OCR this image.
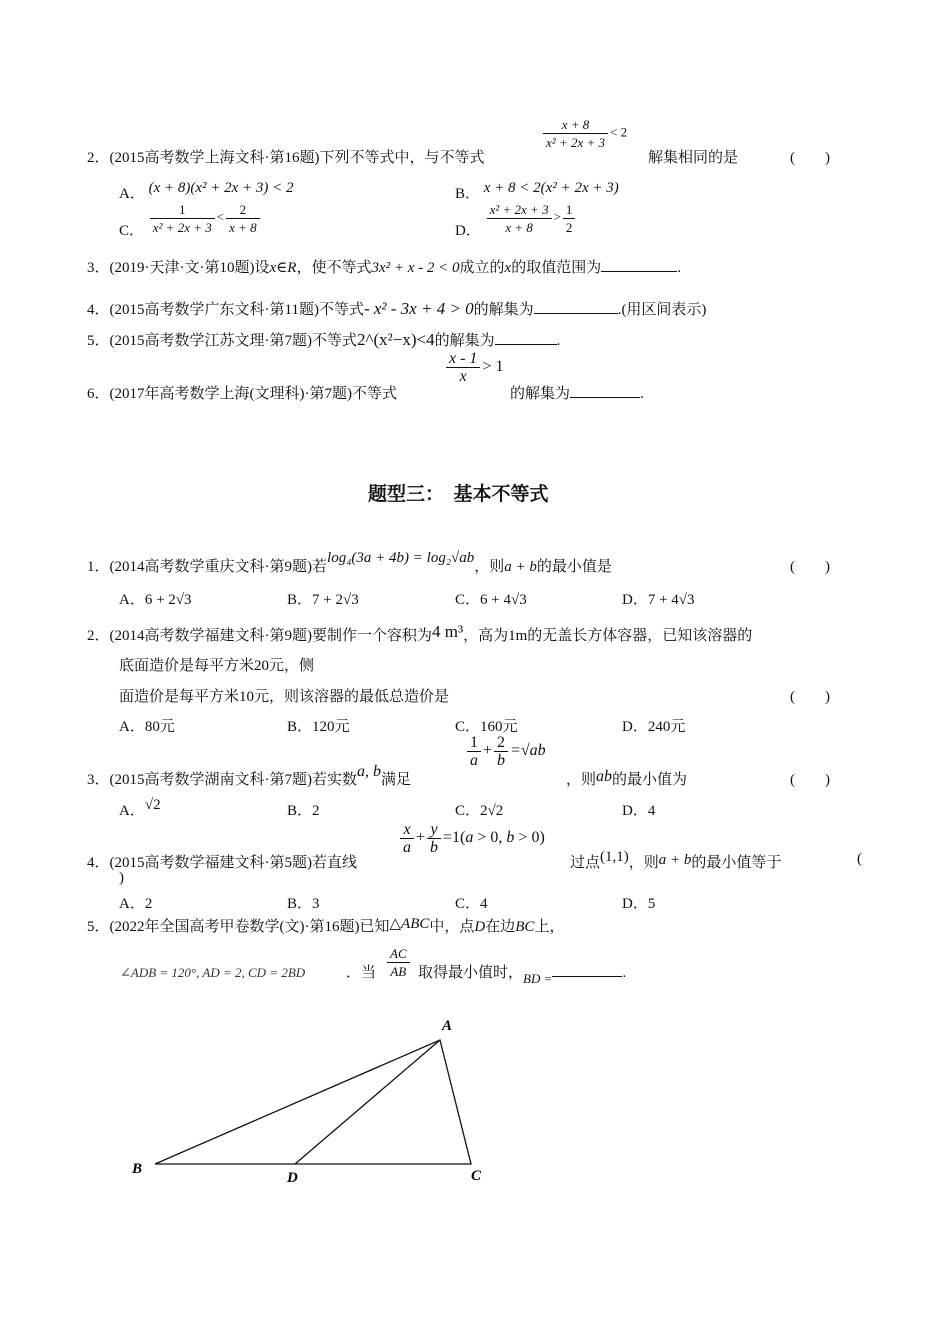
2．(2015高考数学上海文科·第16题)下列不等式中，与不等式
$\frac{x + 8}{\text{x² + 2x + 3}} < 2$
解集相同的是	(　　)
A． (x + 8)(x² + 2x + 3) < 2	B． x + 8 < 2(x² + 2x + 3)
C． $\frac{1}{\text{x² + 2x + 3}} < \frac{2}{x + 8}$	D． $\frac{\text{x² + 2x + 3}}{x + 8} > \frac{1}{2}$
3．(2019·天津·文·第10题)设x∈R，使不等式3x² + x - 2 < 0成立的x的取值范围为	.
4．(2015高考数学广东文科·第11题)不等式- x² - 3x + 4 > 0的解集为	.(用区间表示)
5．(2015高考数学江苏文理·第7题)不等式2^(x²−x)<4的解集为	.
6．(2017年高考数学上海(文理科)·第7题)不等式
$\frac{x - 1}{x} > 1$
的解集为	.
题型三：　基本不等式
1．(2014高考数学重庆文科·第9题)若log₄(3a + 4b) = log₂√ab，则a + b的最小值是	(　　)
A．6 + 2√3	B．7 + 2√3	C．6 + 4√3	D．7 + 4√3
2．(2014高考数学福建文科·第9题)要制作一个容积为4 m³，高为1m的无盖长方体容器，已知该溶器的
底面造价是每平方米20元，侧
面造价是每平方米10元，则该溶器的最低总造价是	(　　)
A．80元	B．120元	C．160元	D．240元
3．(2015高考数学湖南文科·第7题)若实数a, b满足
$\frac{1}{a} + \frac{2}{b} =√ab$
，则ab的最小值为	(　　)
A．√2	B．2	C．2√2	D．4
4．(2015高考数学福建文科·第5题)若直线
$\frac{x}{a} + \frac{y}{b} =1(a > 0$, b > 0)
过点(1,1)，则a + b的最小值等于	(
)
A．2	B．3	C．4	D．5
5．(2022年全国高考甲卷数学(文)·第16题)已知△ABC中，点D在边BC上，
∠ADB = 120°, AD = 2, CD = 2BD	．当 $\frac{AC}{AB}$ 取得最小值时，BD =	.
A
B	C
D
